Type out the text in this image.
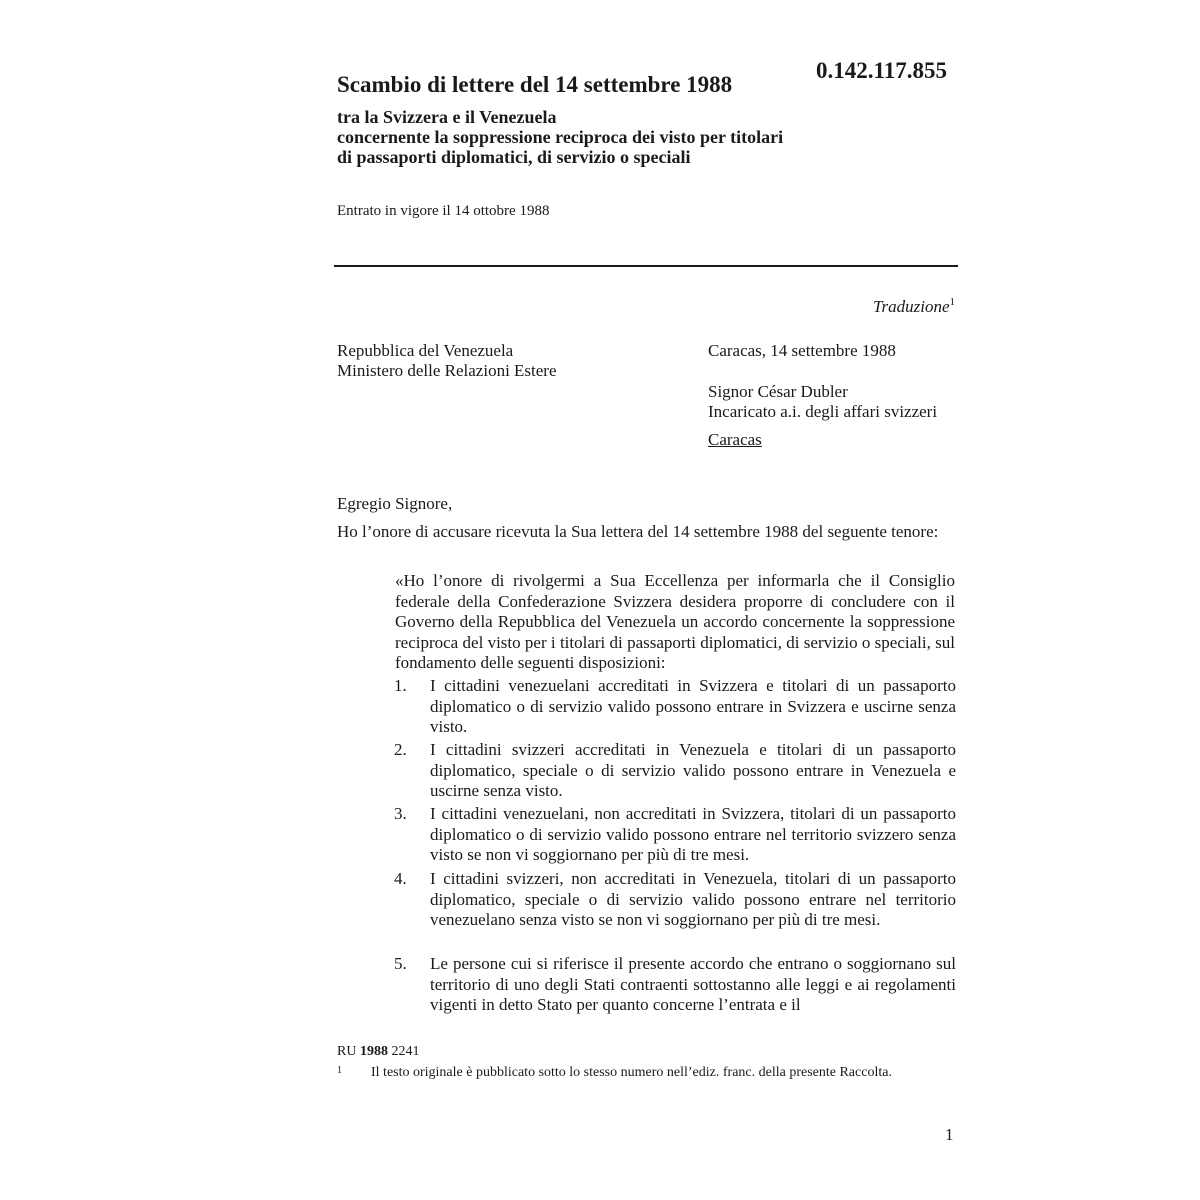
0.142.117.855
Scambio di lettere del 14 settembre 1988
tra la Svizzera e il Venezuela
concernente la soppressione reciproca dei visto per titolari
di passaporti diplomatici, di servizio o speciali
Entrato in vigore il 14 ottobre 1988
Traduzione$^1$
Repubblica del Venezuela
Ministero delle Relazioni Estere
Caracas, 14 settembre 1988
Signor César Dubler
Incaricato a.i. degli affari svizzeri
Caracas
Egregio Signore,
Ho l’onore di accusare ricevuta la Sua lettera del 14 settembre 1988 del seguente tenore:
«Ho l’onore di rivolgermi a Sua Eccellenza per informarla che il Consiglio federale della Confederazione Svizzera desidera proporre di concludere con il Governo della Repubblica del Venezuela un accordo concernente la soppressione reciproca del visto per i titolari di passaporti diplomatici, di servizio o speciali, sul fondamento delle seguenti disposizioni:
1.	I cittadini venezuelani accreditati in Svizzera e titolari di un passaporto diplomatico o di servizio valido possono entrare in Svizzera e uscirne senza visto.
2.	I cittadini svizzeri accreditati in Venezuela e titolari di un passaporto diplomatico, speciale o di servizio valido possono entrare in Venezuela e uscirne senza visto.
3.	I cittadini venezuelani, non accreditati in Svizzera, titolari di un passaporto diplomatico o di servizio valido possono entrare nel territorio svizzero senza visto se non vi soggiornano per più di tre mesi.
4.	I cittadini svizzeri, non accreditati in Venezuela, titolari di un passaporto diplomatico, speciale o di servizio valido possono entrare nel territorio venezuelano senza visto se non vi soggiornano per più di tre mesi.
5.	Le persone cui si riferisce il presente accordo che entrano o soggiornano sul territorio di uno degli Stati contraenti sottostanno alle leggi e ai regolamenti vigenti in detto Stato per quanto concerne l’entrata e il
RU 1988 2241
1 Il testo originale è pubblicato sotto lo stesso numero nell’ediz. franc. della presente Raccolta.
1
